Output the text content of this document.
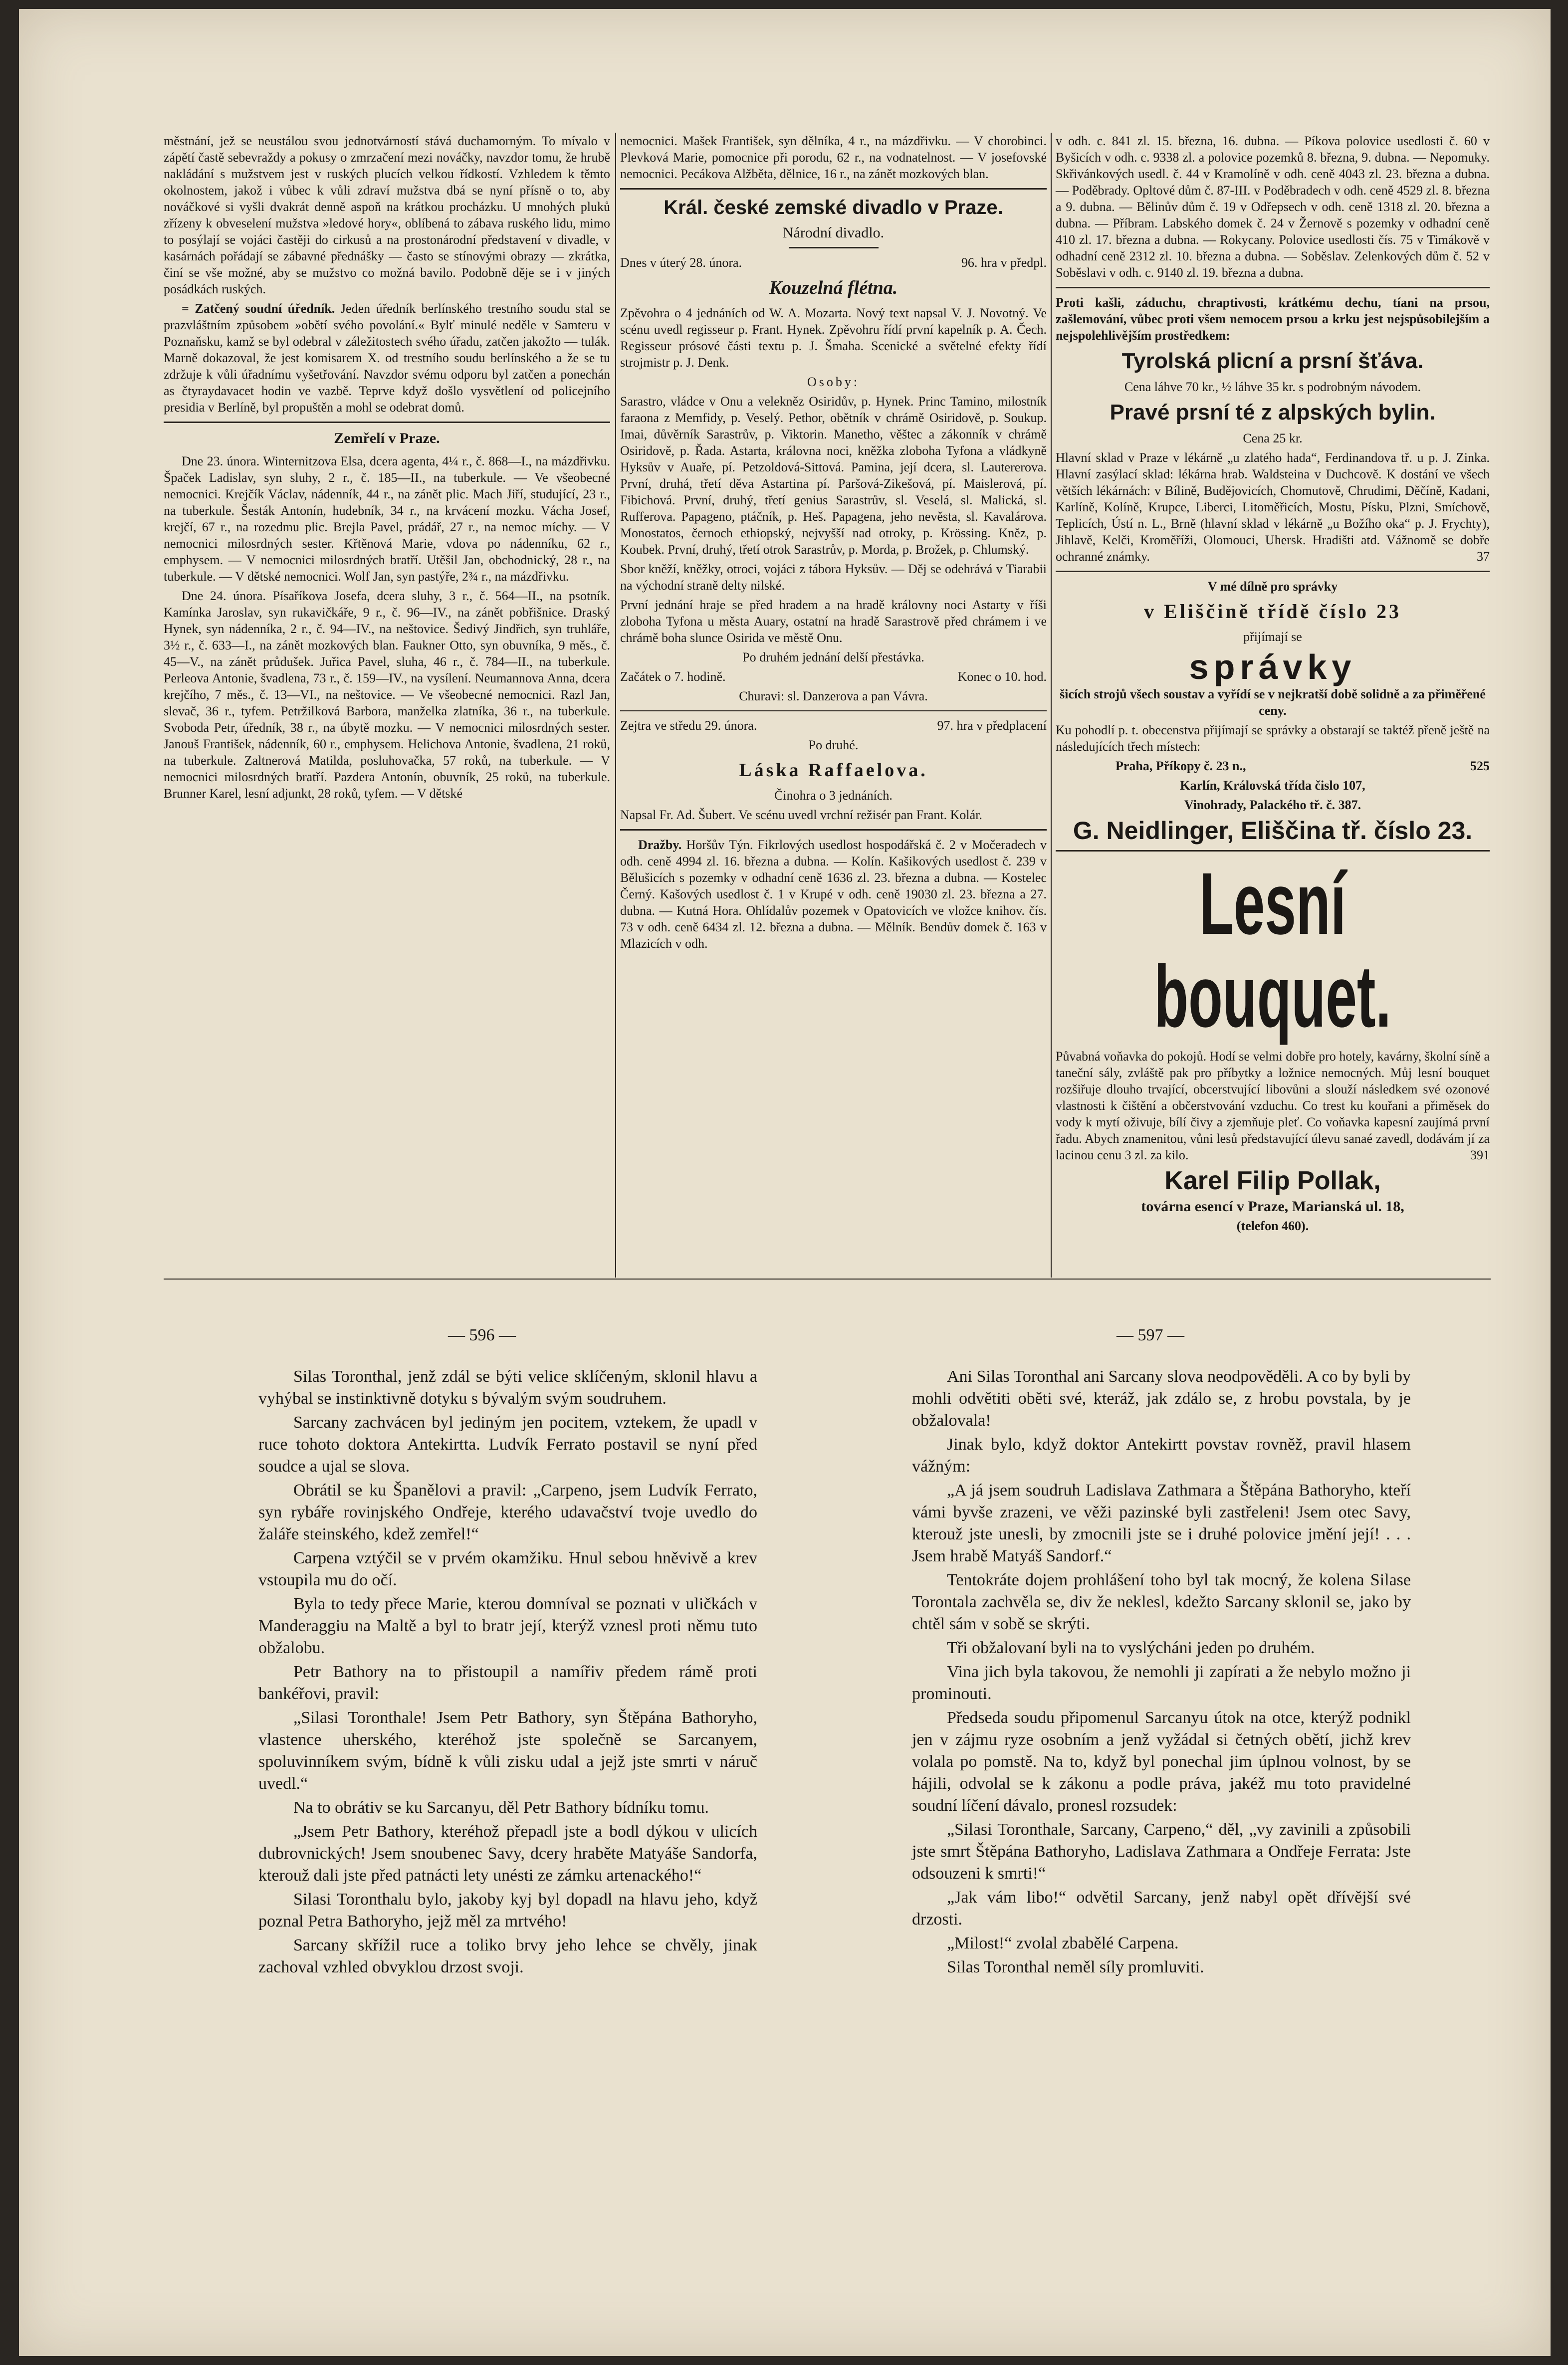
městnání, jež se neustálou svou jednotvárností stává duchamorným. To mívalo v zápětí častě sebevraždy a pokusy o zmrzačení mezi nováčky, navzdor tomu, že hrubě nakládání s mužstvem jest v ruských plucích velkou řídkostí. Vzhledem k těmto okolnostem, jakož i vůbec k vůli zdraví mužstva dbá se nyní přísně o to, aby nováčkové si vyšli dvakrát denně aspoň na krátkou procházku. U mnohých pluků zřízeny k obveselení mužstva »ledové hory«, oblíbená to zábava ruského lidu, mimo to posýlají se vojáci častěji do cirkusů a na prostonárodní představení v divadle, v kasárnách pořádají se zábavné přednášky — často se stínovými obrazy — zkrátka, činí se vše možné, aby se mužstvo co možná bavilo. Podobně děje se i v jiných posádkách ruských.

= Zatčený soudní úředník. Jeden úředník berlínského trestního soudu stal se prazvláštním způsobem »obětí svého povolání.« Bylť minulé neděle v Samteru v Poznaňsku, kamž se byl odebral v záležitostech svého úřadu, zatčen jakožto — tulák. Marně dokazoval, že jest komisarem X. od trestního soudu berlínského a že se tu zdržuje k vůli úřadnímu vyšetřování. Navzdor svému odporu byl zatčen a ponechán as čtyraydavacet hodin ve vazbě. Teprve když došlo vysvětlení od policejního presidia v Berlíně, byl propuštěn a mohl se odebrat domů.

Zemřelí v Praze.

Dne 23. února. Winternitzova Elsa, dcera agenta, 4¼ r., č. 868—I., na mázdřivku. Špaček Ladislav, syn sluhy, 2 r., č. 185—II., na tuberkule. — Ve všeobecné nemocnici. Krejčík Václav, nádenník, 44 r., na zánět plic. Mach Jiří, studující, 23 r., na tuberkule. Šesták Antonín, hudebník, 34 r., na krvácení mozku. Vácha Josef, krejčí, 67 r., na rozedmu plic. Brejla Pavel, prádář, 27 r., na nemoc míchy. — V nemocnici milosrdných sester. Křtěnová Marie, vdova po nádenníku, 62 r., emphysem. — V nemocnici milosrdných bratří. Utěšil Jan, obchodnický, 28 r., na tuberkule. — V dětské nemocnici. Wolf Jan, syn pastýře, 2¾ r., na mázdřivku.

Dne 24. února. Písaříkova Josefa, dcera sluhy, 3 r., č. 564—II., na psotník. Kamínka Jaroslav, syn rukavičkáře, 9 r., č. 96—IV., na zánět pobřišnice. Draský Hynek, syn nádenníka, 2 r., č. 94—IV., na neštovice. Šedivý Jindřich, syn truhláře, 3½ r., č. 633—I., na zánět mozkových blan. Faukner Otto, syn obuvníka, 9 měs., č. 45—V., na zánět průdušek. Juřica Pavel, sluha, 46 r., č. 784—II., na tuberkule. Perleova Antonie, švadlena, 73 r., č. 159—IV., na vysílení. Neumannova Anna, dcera krejčího, 7 měs., č. 13—VI., na neštovice. — Ve všeobecné nemocnici. Razl Jan, slevač, 36 r., tyfem. Petržilková Barbora, manželka zlatníka, 36 r., na tuberkule. Svoboda Petr, úředník, 38 r., na úbytě mozku. — V nemocnici milosrdných sester. Janouš František, nádenník, 60 r., emphysem. Helichova Antonie, švadlena, 21 roků, na tuberkule. Zaltnerová Matilda, posluhovačka, 57 roků, na tuberkule. — V nemocnici milosrdných bratří. Pazdera Antonín, obuvník, 25 roků, na tuberkule. Brunner Karel, lesní adjunkt, 28 roků, tyfem. — V dětské

nemocnici. Mašek František, syn dělníka, 4 r., na mázdřivku. — V chorobinci. Plevková Marie, pomocnice při porodu, 62 r., na vodnatelnost. — V josefovské nemocnici. Pecákova Alžběta, dělnice, 16 r., na zánět mozkových blan.

Král. české zemské divadlo v Praze.

Národní divadlo.

Dnes v úterý 28. února.	96. hra v předpl.
Kouzelná flétna.

Zpěvohra o 4 jednáních od W. A. Mozarta. Nový text napsal V. J. Novotný. Ve scénu uvedl regisseur p. Frant. Hynek. Zpěvohru řídí první kapelník p. A. Čech. Regisseur prósové části textu p. J. Šmaha. Scenické a světelné efekty řídí strojmistr p. J. Denk.

Osoby:

Sarastro, vládce v Onu a velekněz Osiridův, p. Hynek. Princ Tamino, milostník faraona z Memfidy, p. Veselý. Pethor, obětník v chrámě Osiridově, p. Soukup. Imai, důvěrník Sarastrův, p. Viktorin. Manetho, věštec a zákonník v chrámě Osiridově, p. Řada. Astarta, královna noci, kněžka zloboha Tyfona a vládkyně Hyksův v Auaře, pí. Petzoldová-Sittová. Pamina, její dcera, sl. Lautererova. První, druhá, třetí děva Astartina pí. Paršová-Zikešová, pí. Maislerová, pí. Fibichová. První, druhý, třetí genius Sarastrův, sl. Veselá, sl. Malická, sl. Rufferova. Papageno, ptáčník, p. Heš. Papagena, jeho nevěsta, sl. Kavalárova. Monostatos, černoch ethiopský, nejvyšší nad otroky, p. Krössing. Kněz, p. Koubek. První, druhý, třetí otrok Sarastrův, p. Morda, p. Brožek, p. Chlumský.

Sbor kněží, kněžky, otroci, vojáci z tábora Hyksův. — Děj se odehrává v Tiarabii na východní straně delty nilské.

První jednání hraje se před hradem a na hradě královny noci Astarty v říši zloboha Tyfona u města Auary, ostatní na hradě Sarastrově před chrámem i ve chrámě boha slunce Osirida ve městě Onu.

Po druhém jednání delší přestávka.

Začátek o 7. hodině.	Konec o 10. hod.

Churavi: sl. Danzerova a pan Vávra.

Zejtra ve středu 29. února.	97. hra v předplacení

Po druhé.

Láska Raffaelova.

Činohra o 3 jednáních.

Napsal Fr. Ad. Šubert. Ve scénu uvedl vrchní režisér pan Frant. Kolár.

Dražby. Horšův Týn. Fikrlových usedlost hospodářská č. 2 v Močeradech v odh. ceně 4994 zl. 16. března a dubna. — Kolín. Kašikových usedlost č. 239 v Bělušicích s pozemky v odhadní ceně 1636 zl. 23. března a dubna. — Kostelec Černý. Kašových usedlost č. 1 v Krupé v odh. ceně 19030 zl. 23. března a 27. dubna. — Kutná Hora. Ohlídalův pozemek v Opatovicích ve vložce knihov. čís. 73 v odh. ceně 6434 zl. 12. března a dubna. — Mělník. Bendův domek č. 163 v Mlazicích v odh.

v odh. c. 841 zl. 15. března, 16. dubna. — Píkova polovice usedlosti č. 60 v Byšicích v odh. c. 9338 zl. a polovice pozemků 8. března, 9. dubna. — Nepomuky. Skřivánkových usedl. č. 44 v Kramolíně v odh. ceně 4043 zl. 23. března a dubna. — Poděbrady. Opltové dům č. 87-III. v Poděbradech v odh. ceně 4529 zl. 8. března a 9. dubna. — Bělinův dům č. 19 v Odřepsech v odh. ceně 1318 zl. 20. března a dubna. — Příbram. Labského domek č. 24 v Žernově s pozemky v odhadní ceně 410 zl. 17. března a dubna. — Rokycany. Polovice usedlosti čís. 75 v Timákově v odhadní ceně 2312 zl. 10. března a dubna. — Soběslav. Zelenkových dům č. 52 v Soběslavi v odh. c. 9140 zl. 19. března a dubna.

Proti kašli, záduchu, chraptivosti, krátkému dechu, tíani na prsou, zašlemování, vůbec proti všem nemocem prsou a krku jest nejspůsobilejším a nejspolehlivějším prostředkem:

Tyrolská plicní a prsní šťáva.

Cena láhve 70 kr., ½ láhve 35 kr. s podrobným návodem.

Pravé prsní té z alpských bylin.

Cena 25 kr.

Hlavní sklad v Praze v lékárně „u zlatého hada“, Ferdinandova tř. u p. J. Zinka. Hlavní zasýlací sklad: lékárna hrab. Waldsteina v Duchcově. K dostání ve všech větších lékárnách: v Bílině, Budějovicích, Chomutově, Chrudimi, Děčíně, Kadani, Karlíně, Kolíně, Krupce, Liberci, Litoměřicích, Mostu, Písku, Plzni, Smíchově, Teplicích, Ústí n. L., Brně (hlavní sklad v lékárně „u Božího oka“ p. J. Frychty), Jihlavě, Kelči, Kroměříži, Olomouci, Uhersk. Hradišti atd. Vážnomě se dobře ochranné známky.	37

V mé dílně pro správky

v Eliščině třídě číslo 23

přijímají se

správky

šicích strojů všech soustav a vyřídí se v nejkratší době solidně a za přiměřené ceny.

Ku pohodlí p. t. obecenstva přijímají se správky a obstarají se taktéž přeně ještě na následujících třech místech:

Praha, Příkopy č. 23 n.,	525

Karlín, Královská třída čislo 107,

Vinohrady, Palackého tř. č. 387.

G. Neidlinger, Eliščina tř. číslo 23.
Lesní bouquet.

Půvabná voňavka do pokojů. Hodí se velmi dobře pro hotely, kavárny, školní síně a taneční sály, zvláště pak pro příbytky a ložnice nemocných. Můj lesní bouquet rozšiřuje dlouho trvající, obcerstvující libovůni a slouží následkem své ozonové vlastnosti k čištění a občerstvování vzduchu. Co trest ku kouřani a přiměsek do vody k mytí oživuje, bílí čivy a zjemňuje pleť. Co voňavka kapesní zaujímá první řadu. Abych znamenitou, vůni lesů představující úlevu sanaé zavedl, dodávám jí za lacinou cenu 3 zl. za kilo.	391

Karel Filip Pollak,

továrna esencí v Praze, Marianská ul. 18,

(telefon 460).

— 596 —	— 597 —

Silas Toronthal, jenž zdál se býti velice sklíčeným, sklonil hlavu a vyhýbal se instinktivně dotyku s bývalým svým soudruhem.

Sarcany zachvácen byl jediným jen pocitem, vztekem, že upadl v ruce tohoto doktora Antekirtta. Ludvík Ferrato postavil se nyní před soudce a ujal se slova.

Obrátil se ku Španělovi a pravil: „Carpeno, jsem Ludvík Ferrato, syn rybáře rovinjského Ondřeje, kterého udavačství tvoje uvedlo do žaláře steinského, kdež zemřel!“

Carpena vztýčil se v prvém okamžiku. Hnul sebou hněvivě a krev vstoupila mu do očí.

Byla to tedy přece Marie, kterou domníval se poznati v uličkách v Manderaggiu na Maltě a byl to bratr její, kterýž vznesl proti němu tuto obžalobu.

Petr Bathory na to přistoupil a namířiv předem rámě proti bankéřovi, pravil:

„Silasi Toronthale! Jsem Petr Bathory, syn Štěpána Bathoryho, vlastence uherského, kteréhož jste společně se Sarcanyem, spoluvinníkem svým, bídně k vůli zisku udal a jejž jste smrti v náruč uvedl.“

Na to obrátiv se ku Sarcanyu, děl Petr Bathory bídníku tomu.

„Jsem Petr Bathory, kteréhož přepadl jste a bodl dýkou v ulicích dubrovnických! Jsem snoubenec Savy, dcery hraběte Matyáše Sandorfa, kterouž dali jste před patnácti lety unésti ze zámku artenackého!“

Silasi Toronthalu bylo, jakoby kyj byl dopadl na hlavu jeho, když poznal Petra Bathoryho, jejž měl za mrtvého!

Sarcany skřížil ruce a toliko brvy jeho lehce se chvěly, jinak zachoval vzhled obvyklou drzost svoji.

Ani Silas Toronthal ani Sarcany slova neodpověděli. A co by byli by mohli odvětiti oběti své, kteráž, jak zdálo se, z hrobu povstala, by je obžalovala!

Jinak bylo, když doktor Antekirtt povstav rovněž, pravil hlasem vážným:

„A já jsem soudruh Ladislava Zathmara a Štěpána Bathoryho, kteří vámi byvše zrazeni, ve věži pazinské byli zastřeleni! Jsem otec Savy, kterouž jste unesli, by zmocnili jste se i druhé polovice jmění její! . . . Jsem hrabě Matyáš Sandorf.“

Tentokráte dojem prohlášení toho byl tak mocný, že kolena Silase Torontala zachvěla se, div že neklesl, kdežto Sarcany sklonil se, jako by chtěl sám v sobě se skrýti.

Tři obžalovaní byli na to vyslýcháni jeden po druhém.

Vina jich byla takovou, že nemohli ji zapírati a že nebylo možno ji prominouti.

Předseda soudu připomenul Sarcanyu útok na otce, kterýž podnikl jen v zájmu ryze osobním a jenž vyžádal si četných obětí, jichž krev volala po pomstě. Na to, když byl ponechal jim úplnou volnost, by se hájili, odvolal se k zákonu a podle práva, jakéž mu toto pravidelné soudní líčení dávalo, pronesl rozsudek:

„Silasi Toronthale, Sarcany, Carpeno,“ děl, „vy zavinili a způsobili jste smrt Štěpána Bathoryho, Ladislava Zathmara a Ondřeje Ferrata: Jste odsouzeni k smrti!“

„Jak vám libo!“ odvětil Sarcany, jenž nabyl opět dřívější své drzosti.

„Milost!“ zvolal zbabělé Carpena.

Silas Toronthal neměl síly promluviti.
